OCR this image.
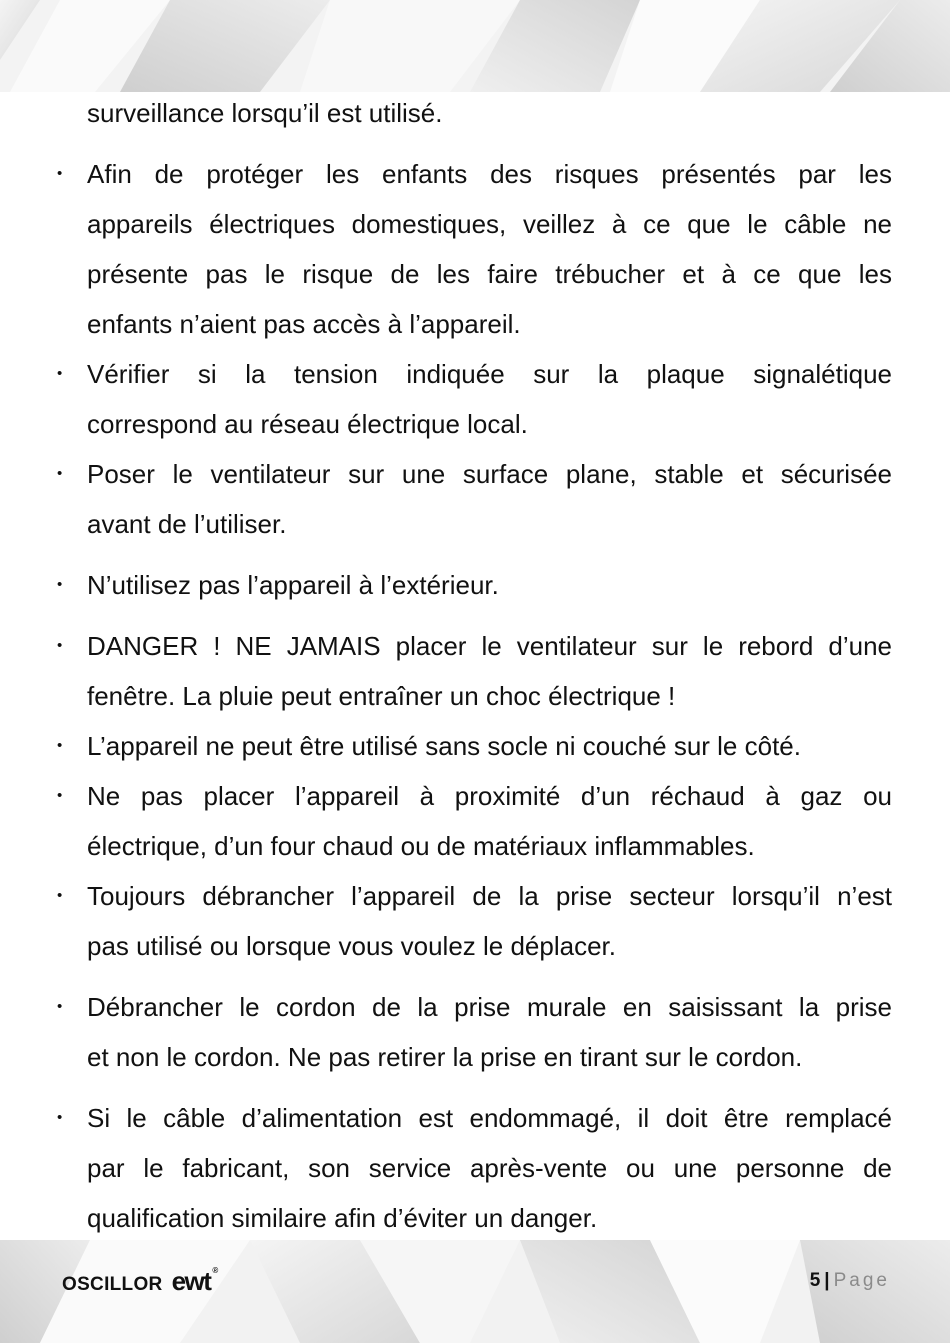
surveillance lorsqu’il est utilisé.
• Afin de protéger les enfants des risques présentés par les
appareils électriques domestiques, veillez à ce que le câble ne
présente pas le risque de les faire trébucher et à ce que les
enfants n’aient pas accès à l’appareil.
• Vérifier si la tension indiquée sur la plaque signalétique
correspond au réseau électrique local.
• Poser le ventilateur sur une surface plane, stable et sécurisée
avant de l’utiliser.
• N’utilisez pas l’appareil à l’extérieur.
• DANGER ! NE JAMAIS placer le ventilateur sur le rebord d’une
fenêtre. La pluie peut entraîner un choc électrique !
• L’appareil ne peut être utilisé sans socle ni couché sur le côté.
• Ne pas placer l’appareil à proximité d’un réchaud à gaz ou
électrique, d’un four chaud ou de matériaux inflammables.
• Toujours débrancher l’appareil de la prise secteur lorsqu’il n’est
pas utilisé ou lorsque vous voulez le déplacer.
• Débrancher le cordon de la prise murale en saisissant la prise
et non le cordon. Ne pas retirer la prise en tirant sur le cordon.
• Si le câble d’alimentation est endommagé, il doit être remplacé
par le fabricant, son service après-vente ou une personne de
qualification similaire afin d’éviter un danger.
OSCILLOR ewt ®	5 | Page
